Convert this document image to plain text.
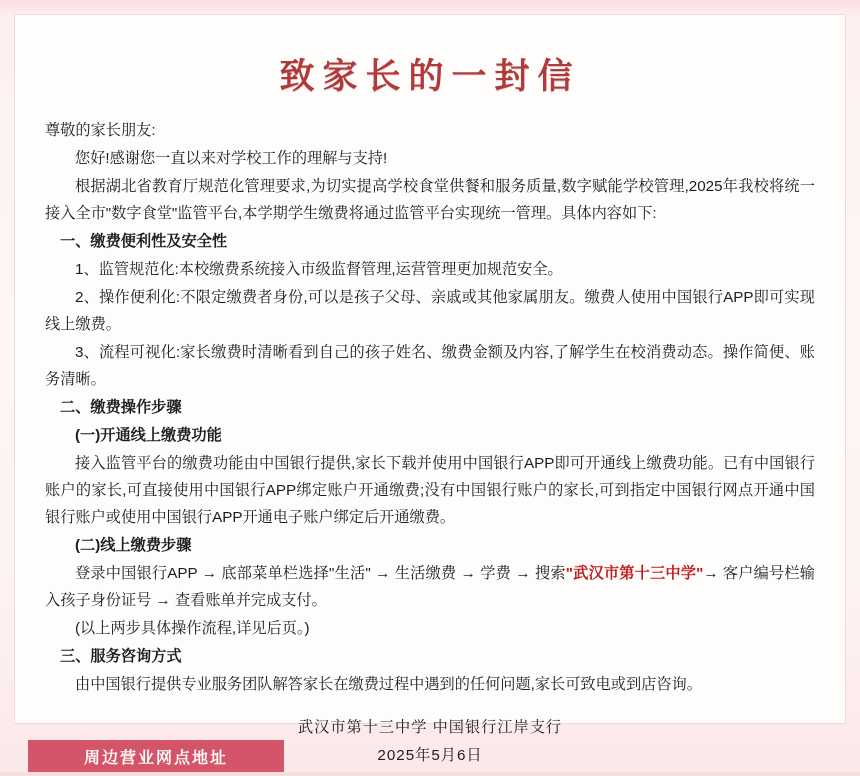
致家长的一封信

尊敬的家长朋友:

您好!感谢您一直以来对学校工作的理解与支持!

根据湖北省教育厅规范化管理要求,为切实提高学校食堂供餐和服务质量,数字赋能学校管理,2025年我校将统一接入全市"数字食堂"监管平台,本学期学生缴费将通过监管平台实现统一管理。具体内容如下:

一、缴费便利性及安全性

1、监管规范化:本校缴费系统接入市级监督管理,运营管理更加规范安全。

2、操作便利化:不限定缴费者身份,可以是孩子父母、亲戚或其他家属朋友。缴费人使用中国银行APP即可实现线上缴费。

3、流程可视化:家长缴费时清晰看到自己的孩子姓名、缴费金额及内容,了解学生在校消费动态。操作简便、账务清晰。

二、缴费操作步骤

(一)开通线上缴费功能

接入监管平台的缴费功能由中国银行提供,家长下载并使用中国银行APP即可开通线上缴费功能。已有中国银行账户的家长,可直接使用中国银行APP绑定账户开通缴费;没有中国银行账户的家长,可到指定中国银行网点开通中国银行账户或使用中国银行APP开通电子账户绑定后开通缴费。

(二)线上缴费步骤

登录中国银行APP → 底部菜单栏选择"生活" → 生活缴费 → 学费 → 搜索"武汉市第十三中学"→ 客户编号栏输入孩子身份证号 → 查看账单并完成支付。

(以上两步具体操作流程,详见后页。)

三、服务咨询方式

由中国银行提供专业服务团队解答家长在缴费过程中遇到的任何问题,家长可致电或到店咨询。

武汉市第十三中学 中国银行江岸支行
2025年5月6日
周边营业网点地址
